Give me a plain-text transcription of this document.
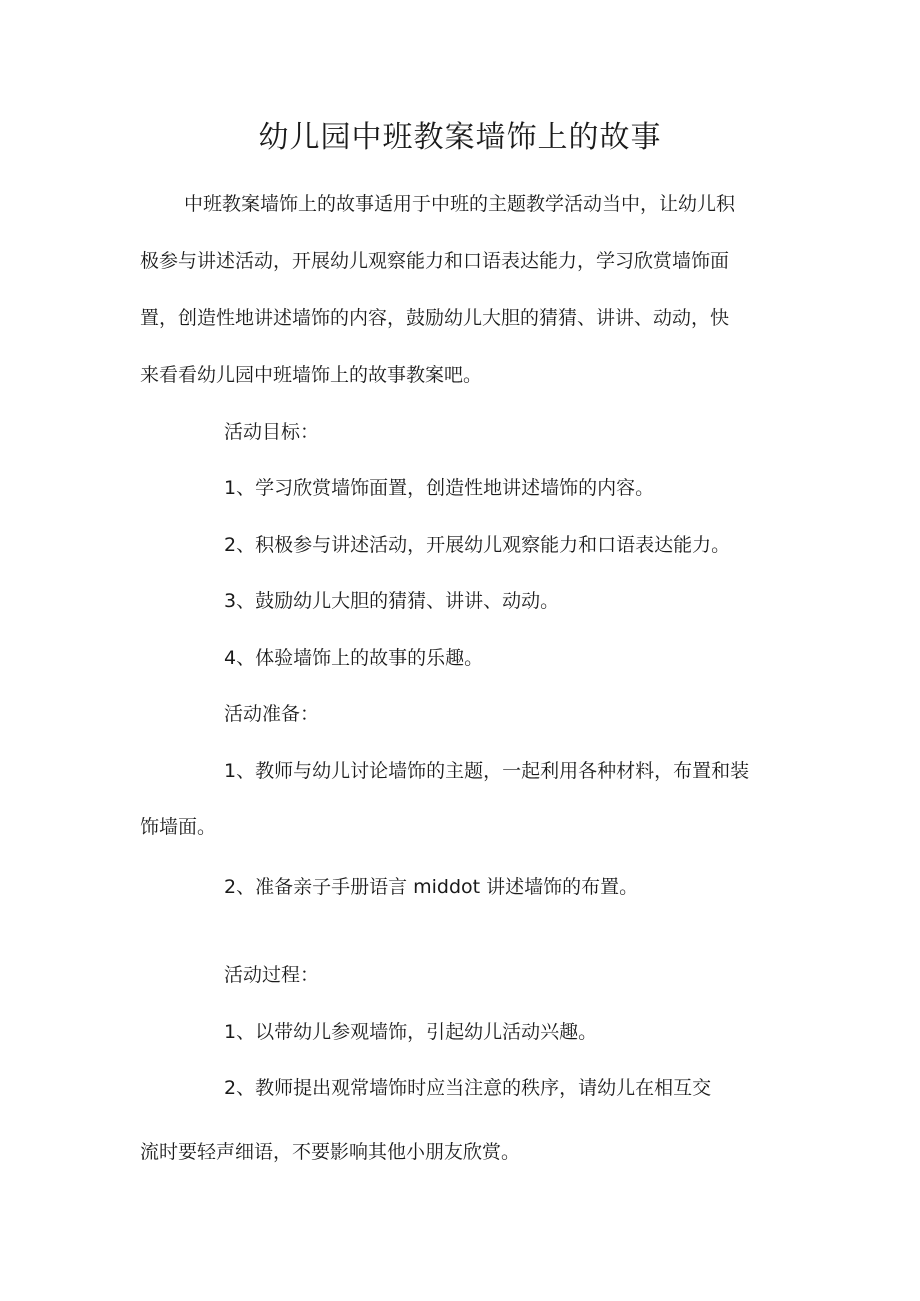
幼儿园中班教案墙饰上的故事
中班教案墙饰上的故事适用于中班的主题教学活动当中，让幼儿积
极参与讲述活动，开展幼儿观察能力和口语表达能力，学习欣赏墙饰面
置，创造性地讲述墙饰的内容，鼓励幼儿大胆的猜猜、讲讲、动动，快
来看看幼儿园中班墙饰上的故事教案吧。
活动目标：
1、学习欣赏墙饰面置，创造性地讲述墙饰的内容。
2、积极参与讲述活动，开展幼儿观察能力和口语表达能力。
3、鼓励幼儿大胆的猜猜、讲讲、动动。
4、体验墙饰上的故事的乐趣。
活动准备：
1、教师与幼儿讨论墙饰的主题，一起利用各种材料，布置和装
饰墙面。
2、准备亲子手册语言 middot 讲述墙饰的布置。
活动过程：
1、以带幼儿参观墙饰，引起幼儿活动兴趣。
2、教师提出观常墙饰时应当注意的秩序，请幼儿在相互交
流时要轻声细语，不要影响其他小朋友欣赏。
